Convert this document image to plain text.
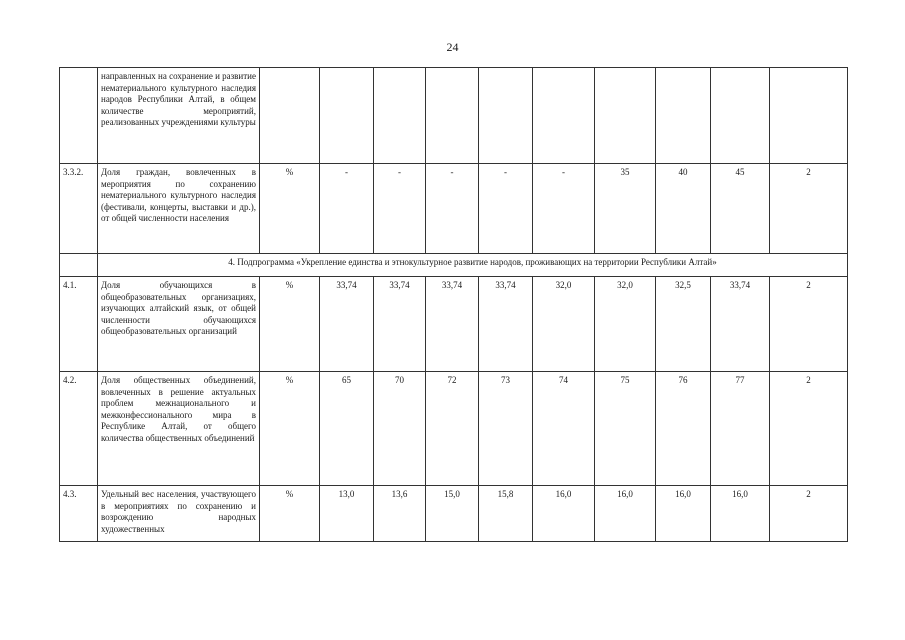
24
	направленных на сохранение и развитие нематериального культурного наследия народов Республики Алтай, в общем количестве мероприятий, реализованных учреждениями культуры										
3.3.2.	Доля граждан, вовлеченных в мероприятия по сохранению нематериального культурного наследия (фестивали, концерты, выставки и др.), от общей численности населения	%	-	-	-	-	-	35	40	45	2
	4. Подпрограмма «Укрепление единства и этнокультурное развитие народов, проживающих на территории Республики Алтай»										
4.1.	Доля обучающихся в общеобразовательных организациях, изучающих алтайский язык, от общей численности обучающихся общеобразовательных организаций	%	33,74	33,74	33,74	33,74	32,0	32,0	32,5	33,74	2
4.2.	Доля общественных объединений, вовлеченных в решение актуальных проблем межнационального и межконфессионального мира в Республике Алтай, от общего количества общественных объединений	%	65	70	72	73	74	75	76	77	2
4.3.	Удельный вес населения, участвующего в мероприятиях по сохранению и возрождению народных художественных	%	13,0	13,6	15,0	15,8	16,0	16,0	16,0	16,0	2
